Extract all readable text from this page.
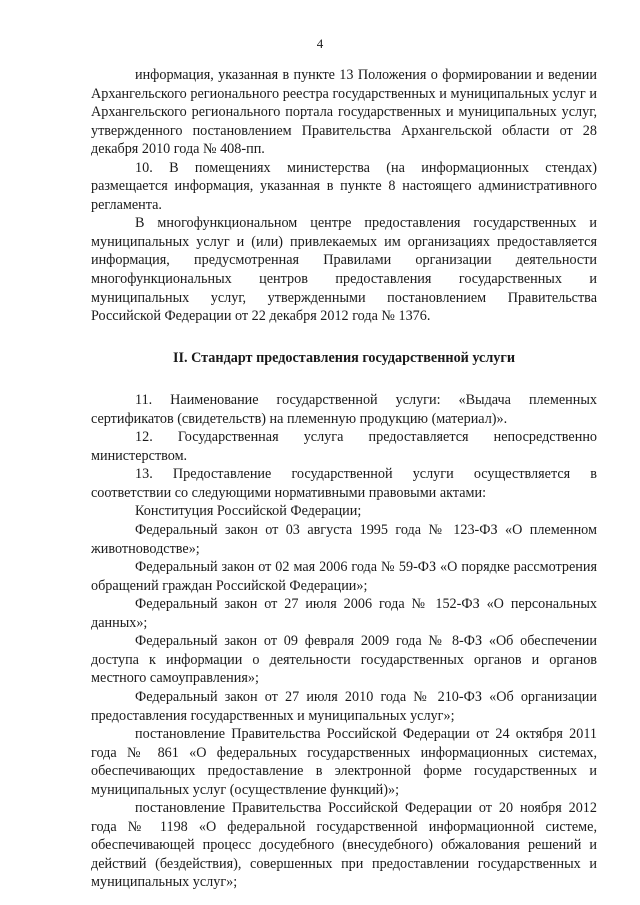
4

информация, указанная в пункте 13 Положения о формировании и ведении Архангельского регионального реестра государственных и муниципальных услуг и Архангельского регионального портала государственных и муниципальных услуг, утвержденного постановлением Правительства Архангельской области от 28 декабря 2010 года № 408-пп.

10. В помещениях министерства (на информационных стендах) размещается информация, указанная в пункте 8 настоящего административного регламента.

В многофункциональном центре предоставления государственных и муниципальных услуг и (или) привлекаемых им организациях предоставляется информация, предусмотренная Правилами организации деятельности многофункциональных центров предоставления государственных и муниципальных услуг, утвержденными постановлением Правительства Российской Федерации от 22 декабря 2012 года № 1376.

II. Стандарт предоставления государственной услуги

11. Наименование государственной услуги: «Выдача племенных сертификатов (свидетельств) на племенную продукцию (материал)».

12. Государственная услуга предоставляется непосредственно министерством.

13. Предоставление государственной услуги осуществляется в соответствии со следующими нормативными правовыми актами:

Конституция Российской Федерации;

Федеральный закон от 03 августа 1995 года № 123-ФЗ «О племенном животноводстве»;

Федеральный закон от 02 мая 2006 года № 59-ФЗ «О порядке рассмотрения обращений граждан Российской Федерации»;

Федеральный закон от 27 июля 2006 года № 152-ФЗ «О персональных данных»;

Федеральный закон от 09 февраля 2009 года № 8-ФЗ «Об обеспечении доступа к информации о деятельности государственных органов и органов местного самоуправления»;

Федеральный закон от 27 июля 2010 года № 210-ФЗ «Об организации предоставления государственных и муниципальных услуг»;

постановление Правительства Российской Федерации от 24 октября 2011 года № 861 «О федеральных государственных информационных системах, обеспечивающих предоставление в электронной форме государственных и муниципальных услуг (осуществление функций)»;

постановление Правительства Российской Федерации от 20 ноября 2012 года № 1198 «О федеральной государственной информационной системе, обеспечивающей процесс досудебного (внесудебного) обжалования решений и действий (бездействия), совершенных при предоставлении государственных и муниципальных услуг»;
